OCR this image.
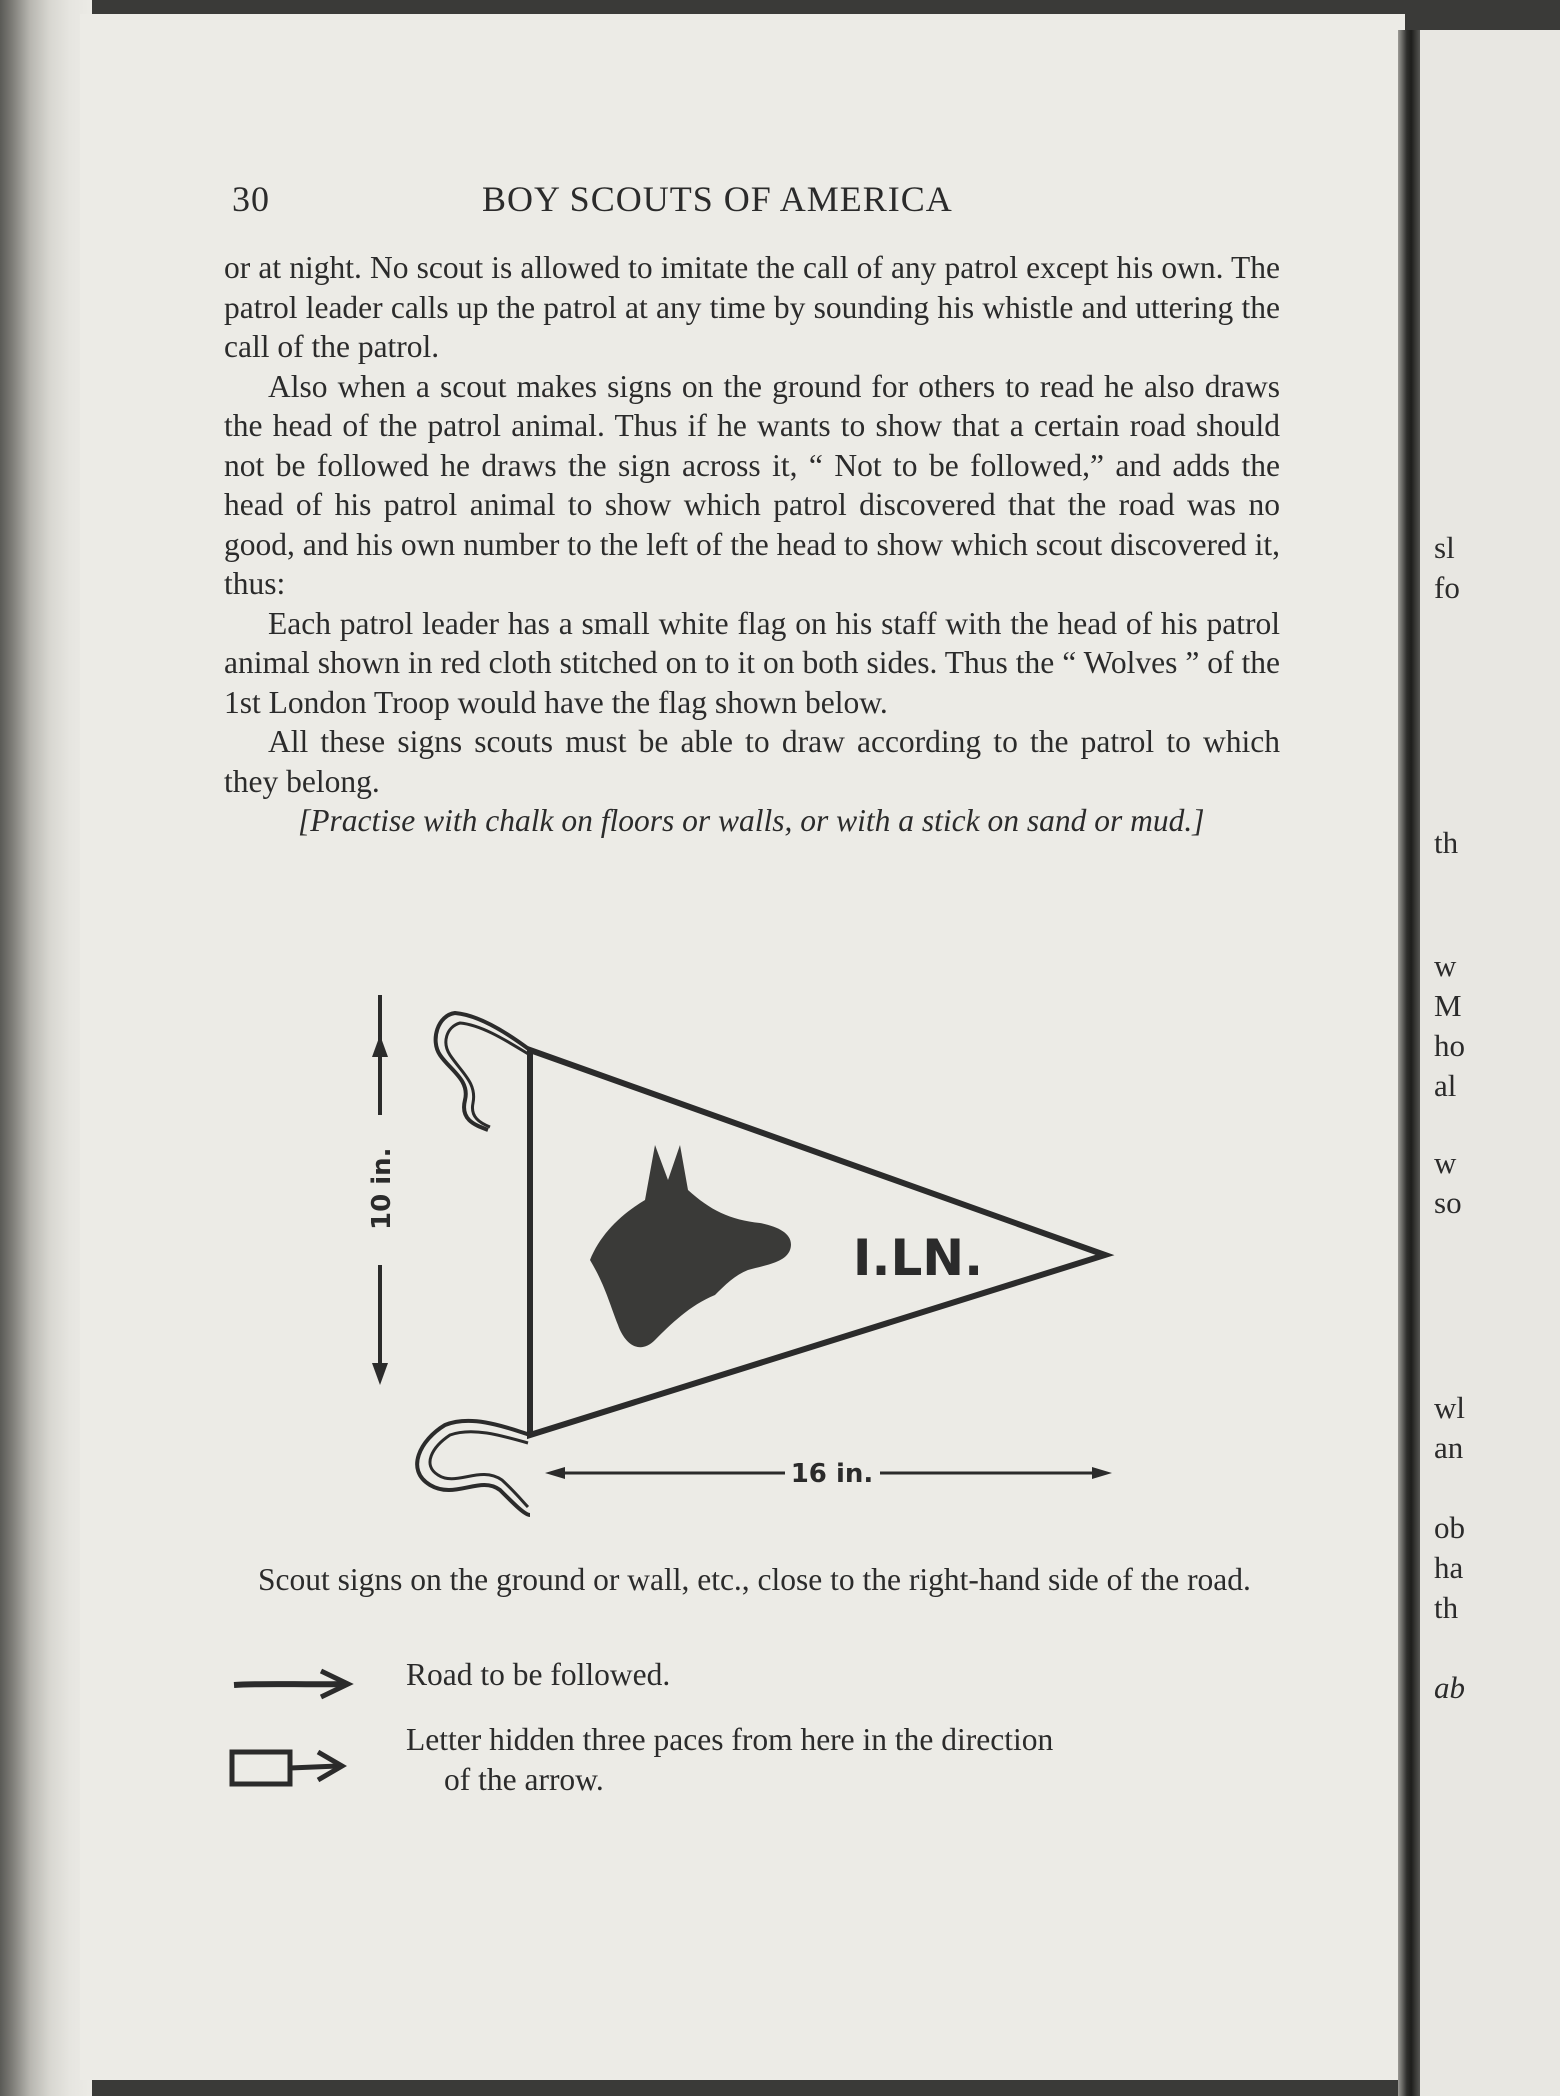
sl
fo
th
w
M
ho
al
w
so
wl
an
ob
ha
th
ab
30	BOY SCOUTS OF AMERICA

or at night. No scout is allowed to imitate the call of any patrol except his own. The patrol leader calls up the patrol at any time by sounding his whistle and uttering the call of the patrol.

Also when a scout makes signs on the ground for others to read he also draws the head of the patrol animal. Thus if he wants to show that a certain road should not be followed he draws the sign across it, “ Not to be followed,” and adds the head of his patrol animal to show which patrol discovered that the road was no good, and his own number to the left of the head to show which scout discovered it, thus:

Each patrol leader has a small white flag on his staff with the head of his patrol animal shown in red cloth stitched on to it on both sides. Thus the “ Wolves ” of the 1st London Troop would have the flag shown below.

All these signs scouts must be able to draw according to the patrol to which they belong.

[Practise with chalk on floors or walls, or with a stick on sand or mud.]

10 in.
I.LN.
16 in.

Scout signs on the ground or wall, etc., close to the right-hand side of the road.

Road to be followed.
Letter hidden three paces from here in the direction
of the arrow.
